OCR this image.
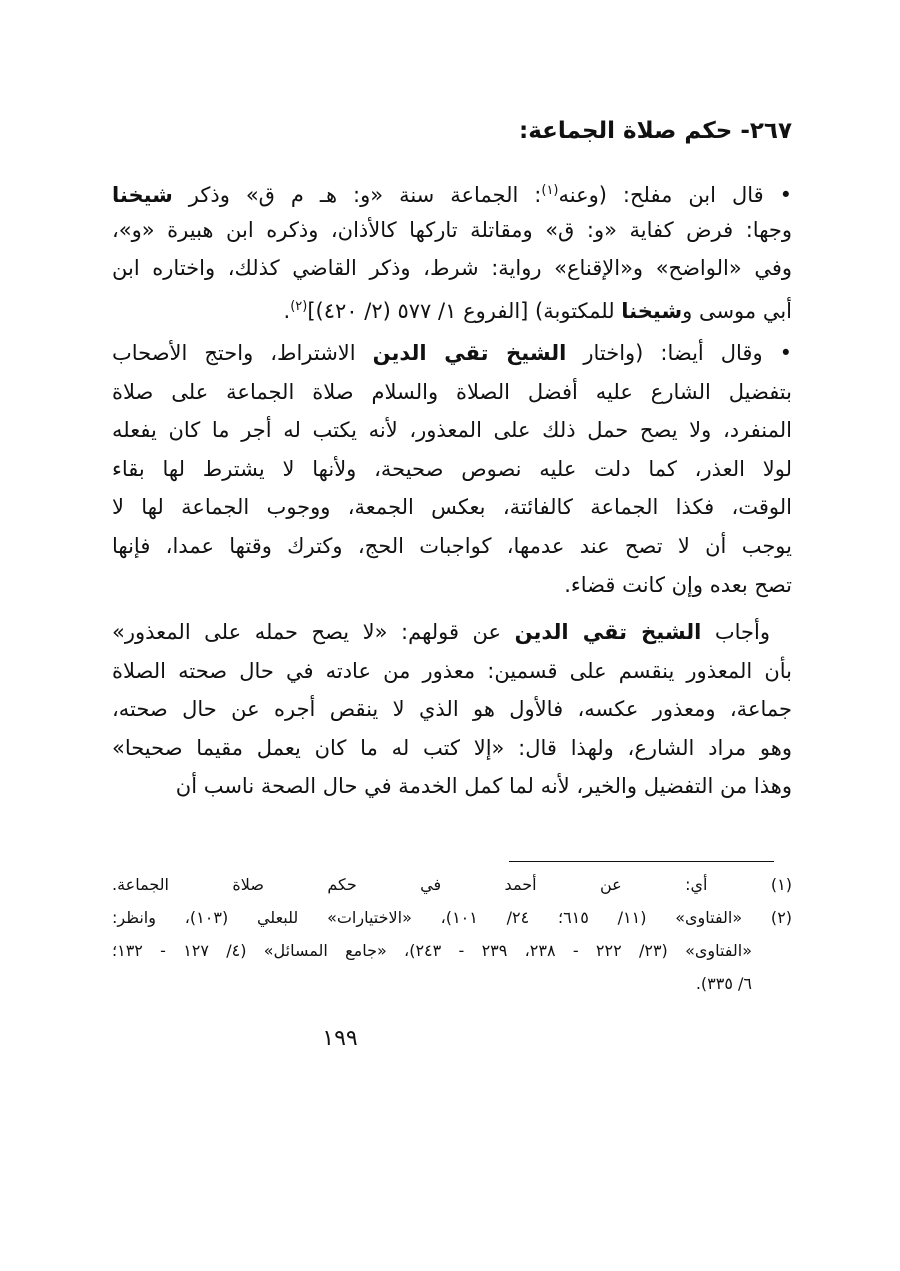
٢٦٧- حكم صلاة الجماعة:
• قال ابن مفلح: (وعنه$^{(١)}$: الجماعة سنة «و: هـ م ق» وذكر شيخنا
وجها: فرض كفاية «و: ق» ومقاتلة تاركها كالأذان، وذكره ابن هبيرة «و»،
وفي «الواضح» و«الإقناع» رواية: شرط، وذكر القاضي كذلك، واختاره ابن
أبي موسى وشيخنا للمكتوبة) [الفروع ١/ ٥٧٧ (٢/ ٤٢٠)]$^{(٢)}$.
• وقال أيضا: (واختار الشيخ تقي الدين الاشتراط، واحتج الأصحاب
بتفضيل الشارع عليه أفضل الصلاة والسلام صلاة الجماعة على صلاة
المنفرد، ولا يصح حمل ذلك على المعذور، لأنه يكتب له أجر ما كان يفعله
لولا العذر، كما دلت عليه نصوص صحيحة، ولأنها لا يشترط لها بقاء
الوقت، فكذا الجماعة كالفائتة، بعكس الجمعة، ووجوب الجماعة لها لا
يوجب أن لا تصح عند عدمها، كواجبات الحج، وكترك وقتها عمدا، فإنها
تصح بعده وإن كانت قضاء.
وأجاب الشيخ تقي الدين عن قولهم: «لا يصح حمله على المعذور»
بأن المعذور ينقسم على قسمين: معذور من عادته في حال صحته الصلاة
جماعة، ومعذور عكسه، فالأول هو الذي لا ينقص أجره عن حال صحته،
وهو مراد الشارع، ولهذا قال: «إلا كتب له ما كان يعمل مقيما صحيحا»
وهذا من التفضيل والخير، لأنه لما كمل الخدمة في حال الصحة ناسب أن
(١) أي: عن أحمد في حكم صلاة الجماعة.
(٢) «الفتاوى» (١١/ ٦١٥؛ ٢٤/ ١٠١)، «الاختيارات» للبعلي (١٠٣)، وانظر:
«الفتاوى» (٢٣/ ٢٢٢ - ٢٣٨، ٢٣٩ - ٢٤٣)، «جامع المسائل» (٤/ ١٢٧ - ١٣٢؛
٦/ ٣٣٥).
١٩٩
